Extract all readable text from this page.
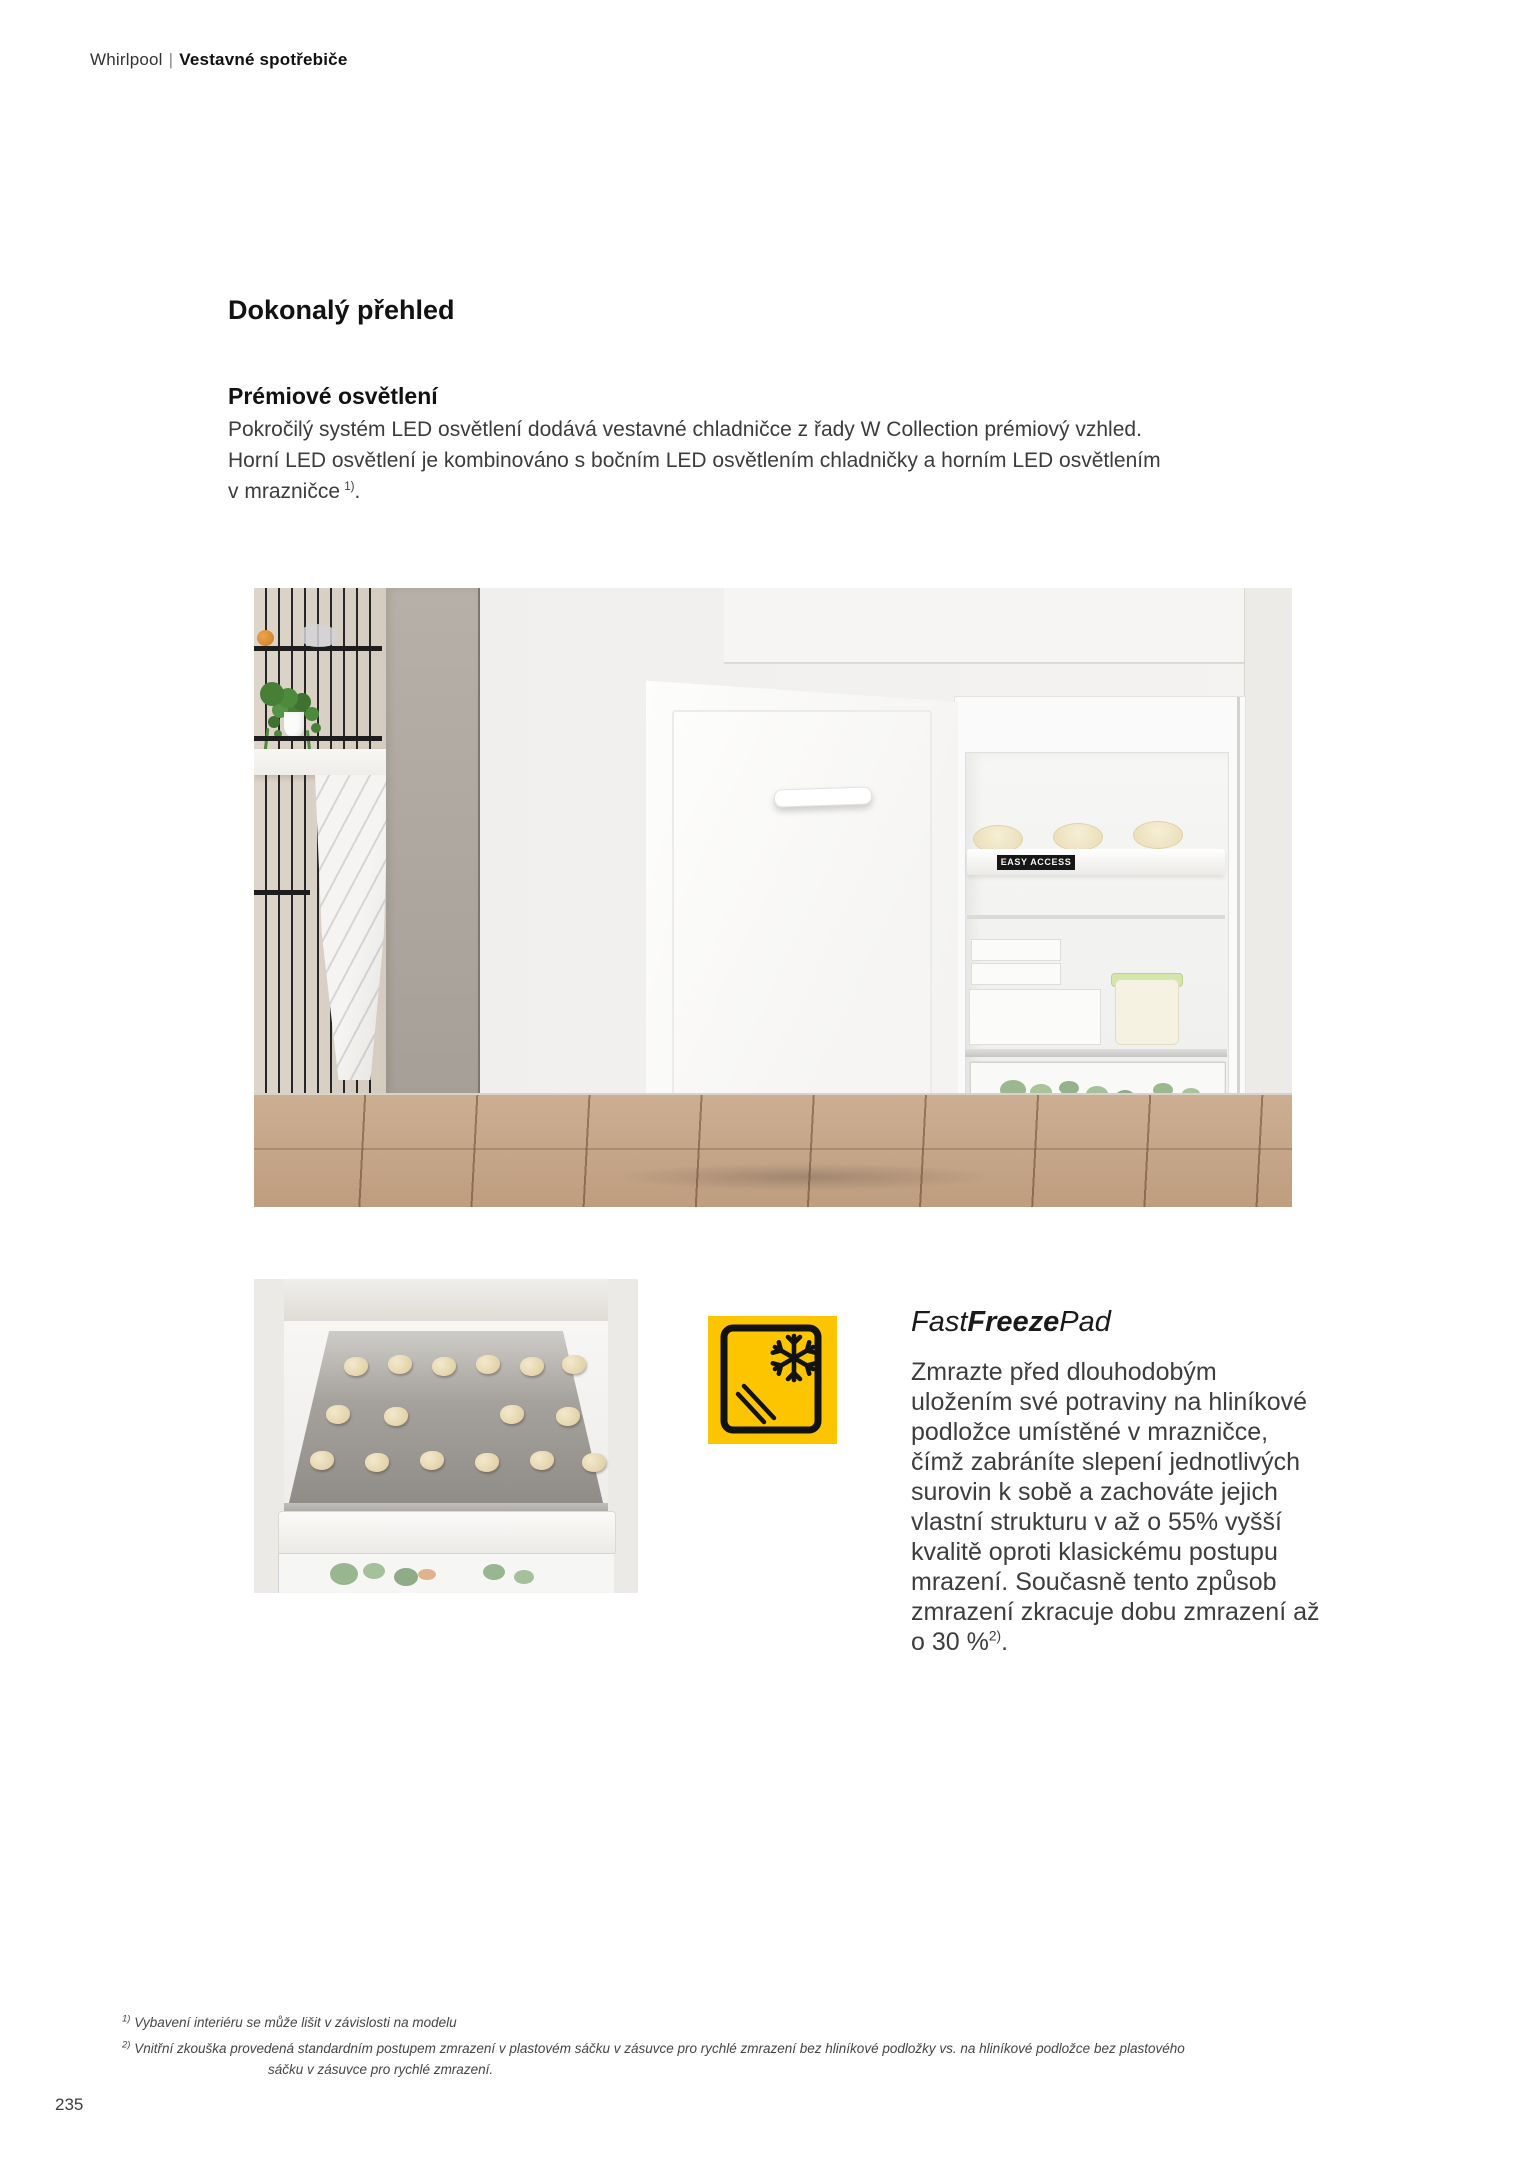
Whirlpool | Vestavné spotřebiče
Dokonalý přehled
Prémiové osvětlení
Pokročilý systém LED osvětlení dodává vestavné chladničce z řady W Collection prémiový vzhled.
Horní LED osvětlení je kombinováno s bočním LED osvětlením chladničky a horním LED osvětlením
v mrazničce  $^{1)}$.
EASY ACCESS
FastFreezePad
Zmrazte před dlouhodobým
uložením své potraviny na hliníkové
podložce umístěné v mrazničce,
čímž zabráníte slepení jednotlivých
surovin k sobě a zachováte jejich
vlastní strukturu v až o 55% vyšší
kvalitě oproti klasickému postupu
mrazení. Současně tento způsob
zmrazení zkracuje dobu zmrazení až
o 30 %$^{2)}$.
$^{1)}$ Vybavení interiéru se může lišit v závislosti na modelu
$^{2)}$ Vnitřní zkouška provedená standardním postupem zmrazení v plastovém sáčku v zásuvce pro rychlé zmrazení bez hliníkové podložky vs. na hliníkové podložce bez plastového
sáčku v zásuvce pro rychlé zmrazení.
235
